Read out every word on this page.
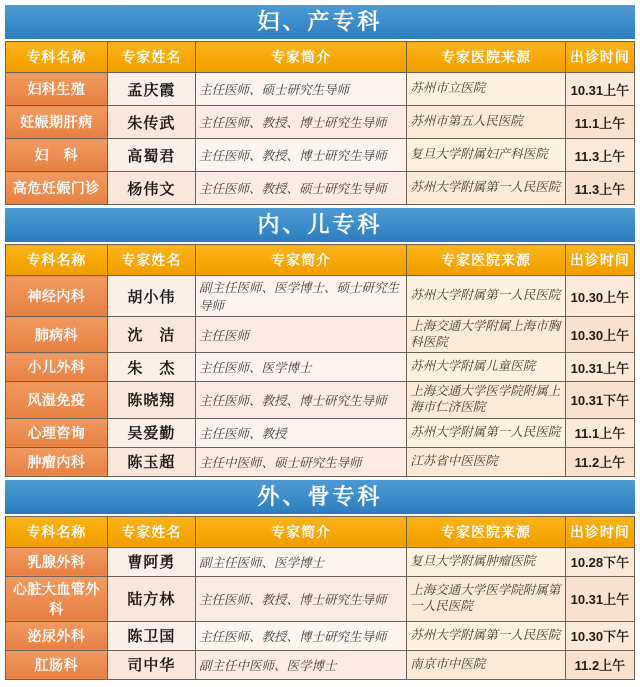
妇、产专科
专科名称	专家姓名	专家简介	专家医院来源	出诊时间
妇科生殖	孟庆霞	主任医师、硕士研究生导师	苏州市立医院	10.31上午
妊娠期肝病	朱传武	主任医师、教授、博士研究生导师	苏州市第五人民医院	11.1上午
妇　科	高蜀君	主任医师、教授、博士研究生导师	复旦大学附属妇产科医院	11.3上午
高危妊娠门诊	杨伟文	主任医师、教授、硕士研究生导师	苏州大学附属第一人民医院	11.3上午
内、儿专科
专科名称	专家姓名	专家简介	专家医院来源	出诊时间
神经内科	胡小伟	副主任医师、医学博士、硕士研究生导师	苏州大学附属第一人民医院	10.30上午
肺病科	沈　洁	主任医师	上海交通大学附属上海市胸科医院	10.30上午
小儿外科	朱　杰	主任医师、医学博士	苏州大学附属儿童医院	10.31上午
风湿免疫	陈晓翔	主任医师、教授、博士研究生导师	上海交通大学医学院附属上海市仁济医院	10.31下午
心理咨询	吴爱勤	主任医师、教授	苏州大学附属第一人民医院	11.1上午
肿瘤内科	陈玉超	主任中医师、硕士研究生导师	江苏省中医医院	11.2上午
外、骨专科
专科名称	专家姓名	专家简介	专家医院来源	出诊时间
乳腺外科	曹阿勇	副主任医师、医学博士	复旦大学附属肿瘤医院	10.28下午
心脏大血管外科	陆方林	主任医师、教授、博士研究生导师	上海交通大学医学院附属第一人民医院	10.31上午
泌尿外科	陈卫国	主任医师、教授、博士研究生导师	苏州大学附属第一人民医院	10.30下午
肛肠科	司中华	副主任中医师、医学博士	南京市中医院	11.2上午
